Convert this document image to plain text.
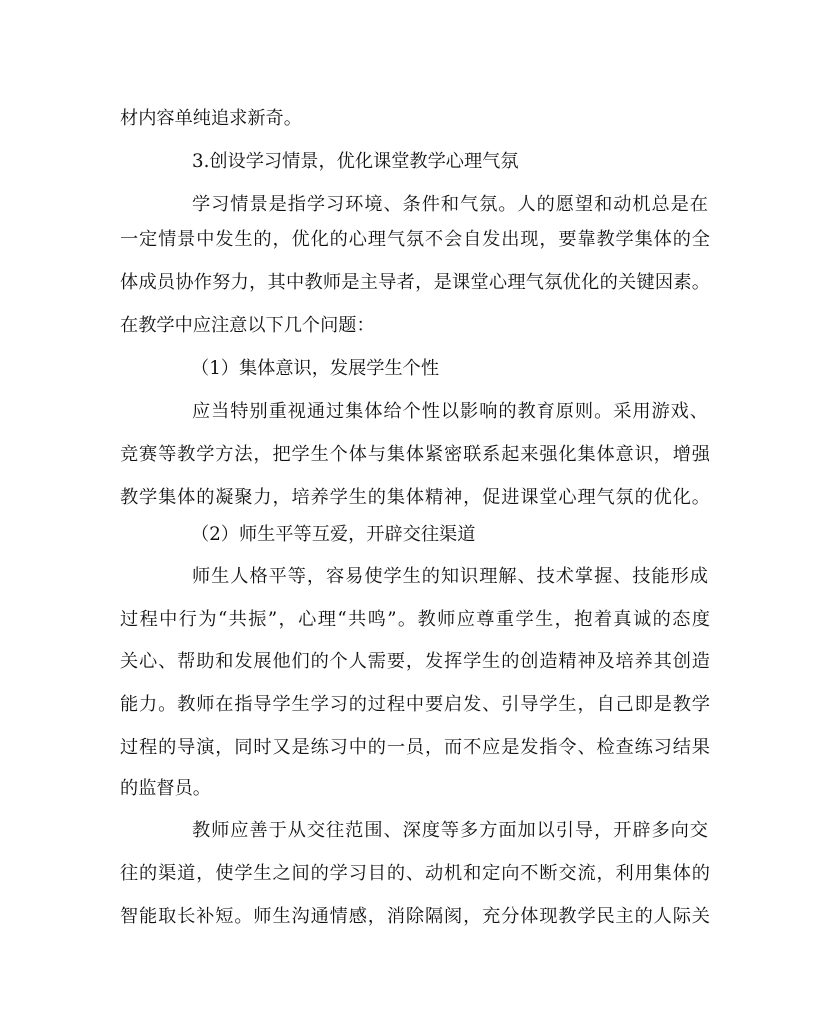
材内容单纯追求新奇。
3.创设学习情景，优化课堂教学心理气氛
学习情景是指学习环境、条件和气氛。人的愿望和动机总是在
一定情景中发生的，优化的心理气氛不会自发出现，要靠教学集体的全
体成员协作努力，其中教师是主导者，是课堂心理气氛优化的关键因素。
在教学中应注意以下几个问题：
（1）集体意识，发展学生个性
应当特别重视通过集体给个性以影响的教育原则。采用游戏、
竞赛等教学方法，把学生个体与集体紧密联系起来强化集体意识，增强
教学集体的凝聚力，培养学生的集体精神，促进课堂心理气氛的优化。
（2）师生平等互爱，开辟交往渠道
师生人格平等，容易使学生的知识理解、技术掌握、技能形成
过程中行为“共振”，心理“共鸣”。教师应尊重学生，抱着真诚的态度
关心、帮助和发展他们的个人需要，发挥学生的创造精神及培养其创造
能力。教师在指导学生学习的过程中要启发、引导学生，自己即是教学
过程的导演，同时又是练习中的一员，而不应是发指令、检查练习结果
的监督员。
教师应善于从交往范围、深度等多方面加以引导，开辟多向交
往的渠道，使学生之间的学习目的、动机和定向不断交流，利用集体的
智能取长补短。师生沟通情感，消除隔阂，充分体现教学民主的人际关
